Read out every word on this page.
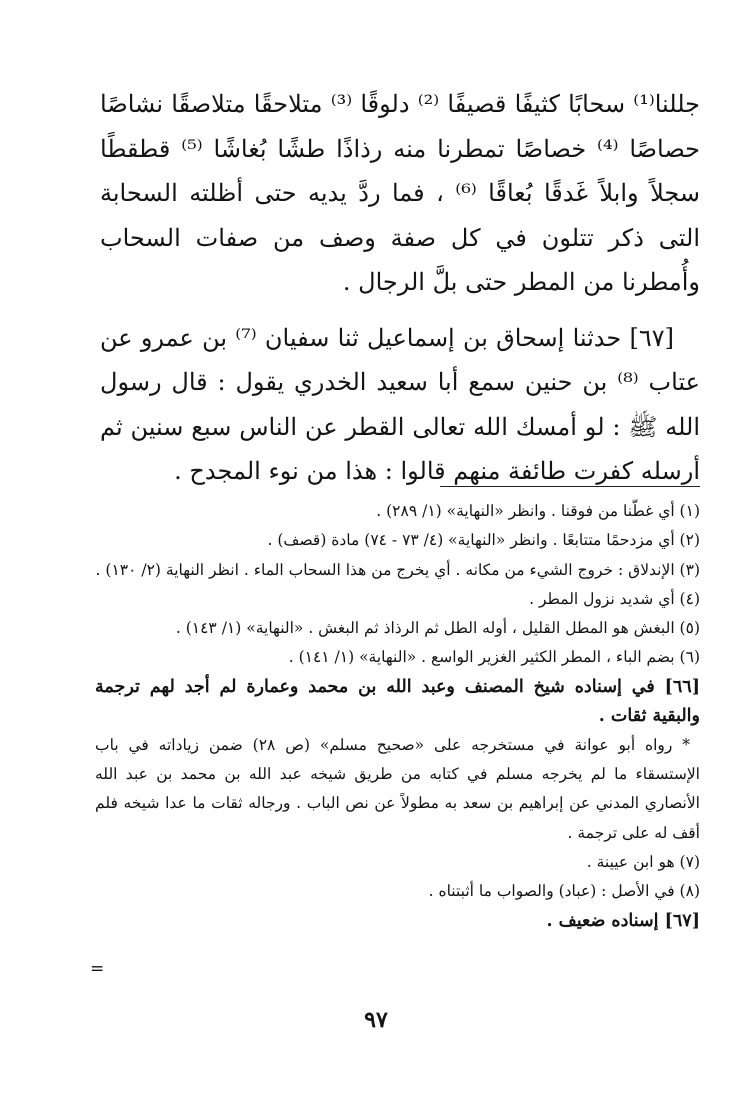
جللنا⁽¹⁾ سحابًا كثيفًا قصيفًا ⁽²⁾ دلوقًا ⁽³⁾ متلاحقًا متلاصقًا نشاصًا حصاصًا ⁽⁴⁾ خصاصًا تمطرنا منه رذاذًا طشًا بُغاشًا ⁽⁵⁾ قطقطًا سجلاً وابلاً غَدقًا بُعاقًا ⁽⁶⁾ ، فما ردَّ يديه حتى أظلته السحابة التى ذكر تتلون في كل صفة وصف من صفات السحاب وأُمطرنا من المطر حتى بلَّ الرجال .

[٦٧] حدثنا إسحاق بن إسماعيل ثنا سفيان ⁽⁷⁾ بن عمرو عن عتاب ⁽⁸⁾ بن حنين سمع أبا سعيد الخدري يقول : قال رسول الله ﷺ : لو أمسك الله تعالى القطر عن الناس سبع سنين ثم أرسله كفرت طائفة منهم قالوا : هذا من نوء المجدح .

(١) أي غطّنا من فوقنا . وانظر «النهاية» (١/ ٢٨٩) .

(٢) أي مزدحمًا متتابعًا . وانظر «النهاية» (٤/ ٧٣ - ٧٤) مادة (قصف) .

(٣) الإندلاق : خروج الشيء من مكانه . أي يخرج من هذا السحاب الماء . انظر النهاية (٢/ ١٣٠) .

(٤) أي شديد نزول المطر .

(٥) البغش هو المطل القليل ، أوله الطل ثم الرذاذ ثم البغش . «النهاية» (١/ ١٤٣) .

(٦) بضم الباء ، المطر الكثير الغزير الواسع . «النهاية» (١/ ١٤١) .

[٦٦] في إسناده شيخ المصنف وعبد الله بن محمد وعمارة لم أجد لهم ترجمة والبقية ثقات .

* رواه أبو عوانة في مستخرجه على «صحيح مسلم» (ص ٢٨) ضمن زياداته في باب الإستسقاء ما لم يخرجه مسلم في كتابه من طريق شيخه عبد الله بن محمد بن عبد الله الأنصاري المدني عن إبراهيم بن سعد به مطولاً عن نص الباب . ورجاله ثقات ما عدا شيخه فلم أقف له على ترجمة .

(٧) هو ابن عيينة .

(٨) في الأصل : (عباد) والصواب ما أثبتناه .

[٦٧] إسناده ضعيف .

=
٩٧
